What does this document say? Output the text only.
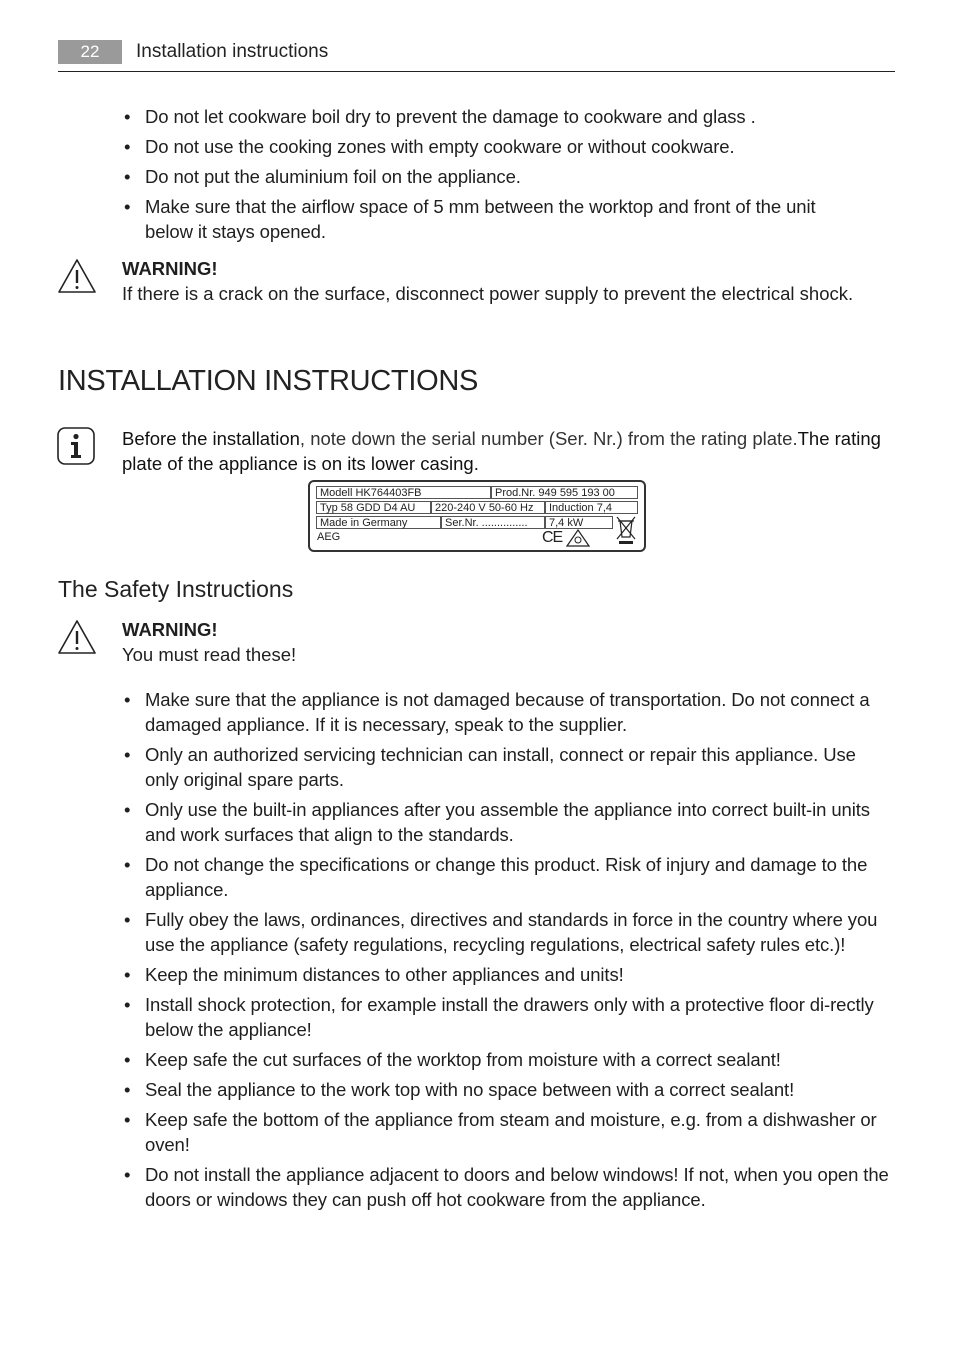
22	Installation instructions
• Do not let cookware boil dry to prevent the damage to cookware and glass .
• Do not use the cooking zones with empty cookware or without cookware.
• Do not put the aluminium foil on the appliance.
• Make sure that the airflow space of 5 mm between the worktop and front of the unit below it stays opened.
WARNING!
If there is a crack on the surface, disconnect power supply to prevent the electrical shock.
INSTALLATION INSTRUCTIONS
Before the installation, note down the serial number (Ser. Nr.) from the rating plate.The rating plate of the appliance is on its lower casing.
Modell HK764403FB	Prod.Nr. 949 595 193 00
Typ 58 GDD D4 AU	220-240 V 50-60 Hz	Induction 7,4
Made in Germany	Ser.Nr. ...............	7,4 kW
AEG	CE
The Safety Instructions
WARNING!
You must read these!
• Make sure that the appliance is not damaged because of transportation. Do not connect a damaged appliance. If it is necessary, speak to the supplier.
• Only an authorized servicing technician can install, connect or repair this appliance. Use only original spare parts.
• Only use the built-in appliances after you assemble the appliance into correct built-in units and work surfaces that align to the standards.
• Do not change the specifications or change this product. Risk of injury and damage to the appliance.
• Fully obey the laws, ordinances, directives and standards in force in the country where you use the appliance (safety regulations, recycling regulations, electrical safety rules etc.)!
• Keep the minimum distances to other appliances and units!
• Install shock protection, for example install the drawers only with a protective floor di-rectly below the appliance!
• Keep safe the cut surfaces of the worktop from moisture with a correct sealant!
• Seal the appliance to the work top with no space between with a correct sealant!
• Keep safe the bottom of the appliance from steam and moisture, e.g. from a dishwasher or oven!
• Do not install the appliance adjacent to doors and below windows! If not, when you open the doors or windows they can push off hot cookware from the appliance.
